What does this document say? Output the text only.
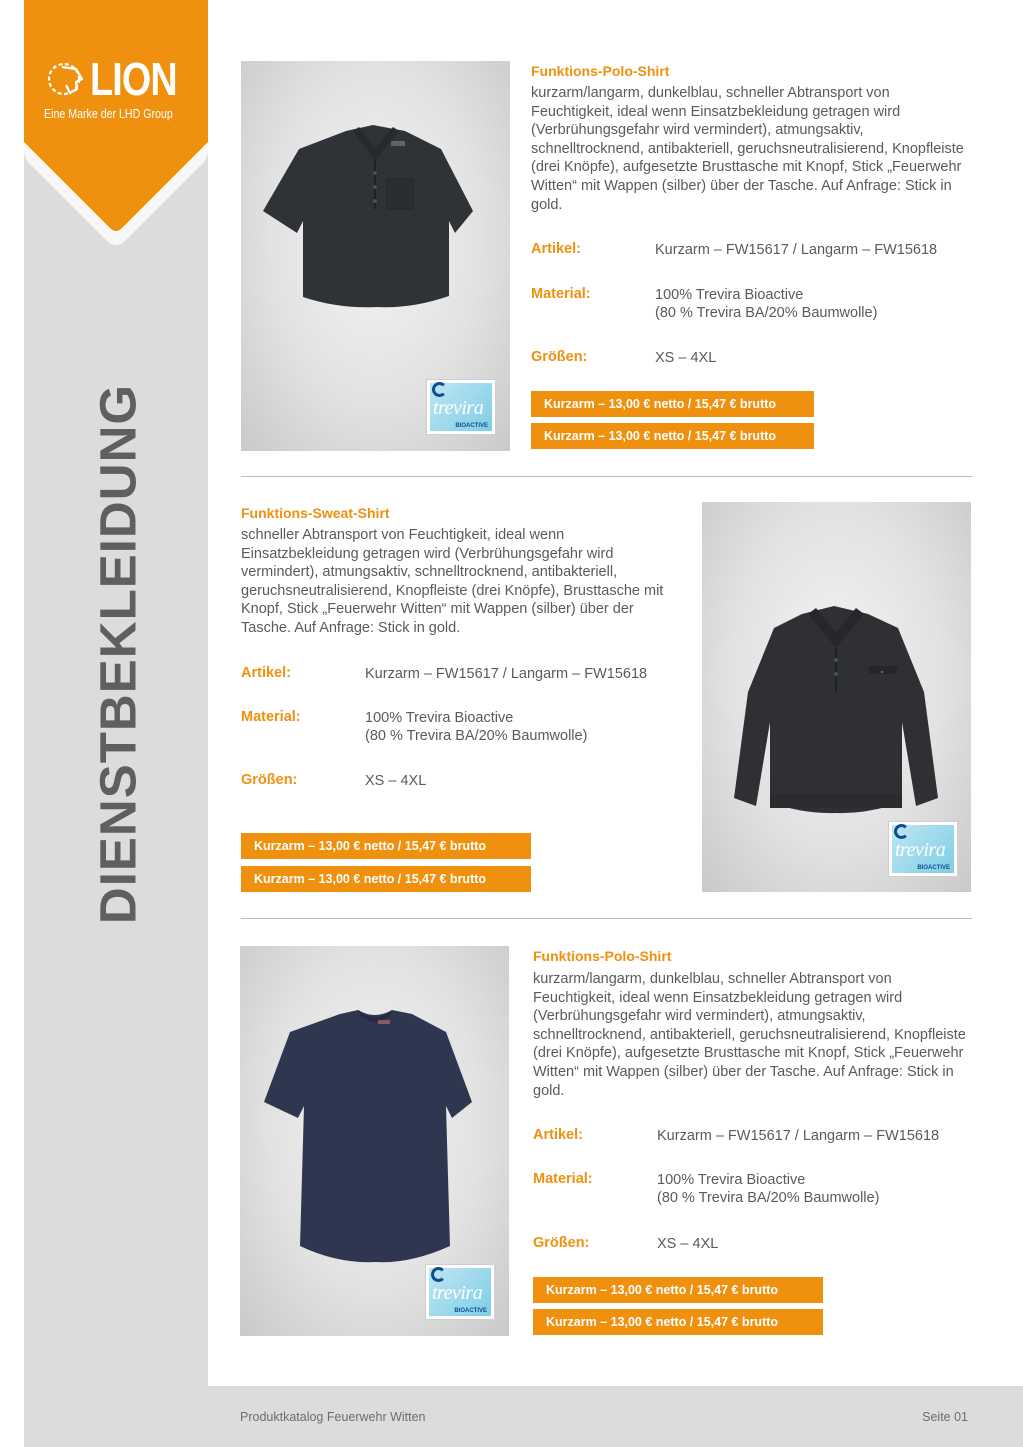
LION
Eine Marke der LHD Group
DIENSTBEKLEIDUNG	trevira
BIOACTIVE
Funktions-Polo-Shirt
kurzarm/langarm, dunkelblau, schneller Abtransport von Feuchtigkeit, ideal wenn Einsatzbekleidung getragen wird (Verbrühungsgefahr wird vermindert), atmungsaktiv, schnelltrocknend, antibakteriell, geruchsneutralisierend, Knopfleiste (drei Knöpfe), aufgesetzte Brusttasche mit Knopf, Stick „Feuerwehr Witten“ mit Wappen (silber) über der Tasche. Auf Anfrage: Stick in gold.
Artikel:	Kurzarm – FW15617 / Langarm – FW15618
Material:	100% Trevira Bioactive
(80 % Trevira BA/20% Baumwolle)
Größen:	XS – 4XL
Kurzarm – 13,00 € netto / 15,47 € brutto
Kurzarm – 13,00 € netto / 15,47 € brutto
Funktions-Sweat-Shirt
schneller Abtransport von Feuchtigkeit, ideal wenn Einsatzbekleidung getragen wird (Verbrühungsgefahr wird vermindert), atmungsaktiv, schnelltrocknend, antibakteriell, geruchsneutralisierend, Knopfleiste (drei Knöpfe), Brusttasche mit Knopf, Stick „Feuerwehr Witten“ mit Wappen (silber) über der Tasche. Auf Anfrage: Stick in gold.
Artikel:	Kurzarm – FW15617 / Langarm – FW15618
Material:	100% Trevira Bioactive
(80 % Trevira BA/20% Baumwolle)
Größen:	XS – 4XL
Kurzarm – 13,00 € netto / 15,47 € brutto
Kurzarm – 13,00 € netto / 15,47 € brutto
trevira
BIOACTIVE
trevira
BIOACTIVE
Funktions-Polo-Shirt
kurzarm/langarm, dunkelblau, schneller Abtransport von Feuchtigkeit, ideal wenn Einsatzbekleidung getragen wird (Verbrühungsgefahr wird vermindert), atmungsaktiv, schnelltrocknend, antibakteriell, geruchsneutralisierend, Knopfleiste (drei Knöpfe), aufgesetzte Brusttasche mit Knopf, Stick „Feuerwehr Witten“ mit Wappen (silber) über der Tasche. Auf Anfrage: Stick in gold.
Artikel:	Kurzarm – FW15617 / Langarm – FW15618
Material:	100% Trevira Bioactive
(80 % Trevira BA/20% Baumwolle)
Größen:	XS – 4XL
Kurzarm – 13,00 € netto / 15,47 € brutto
Kurzarm – 13,00 € netto / 15,47 € brutto
Produktkatalog Feuerwehr Witten	Seite 01
